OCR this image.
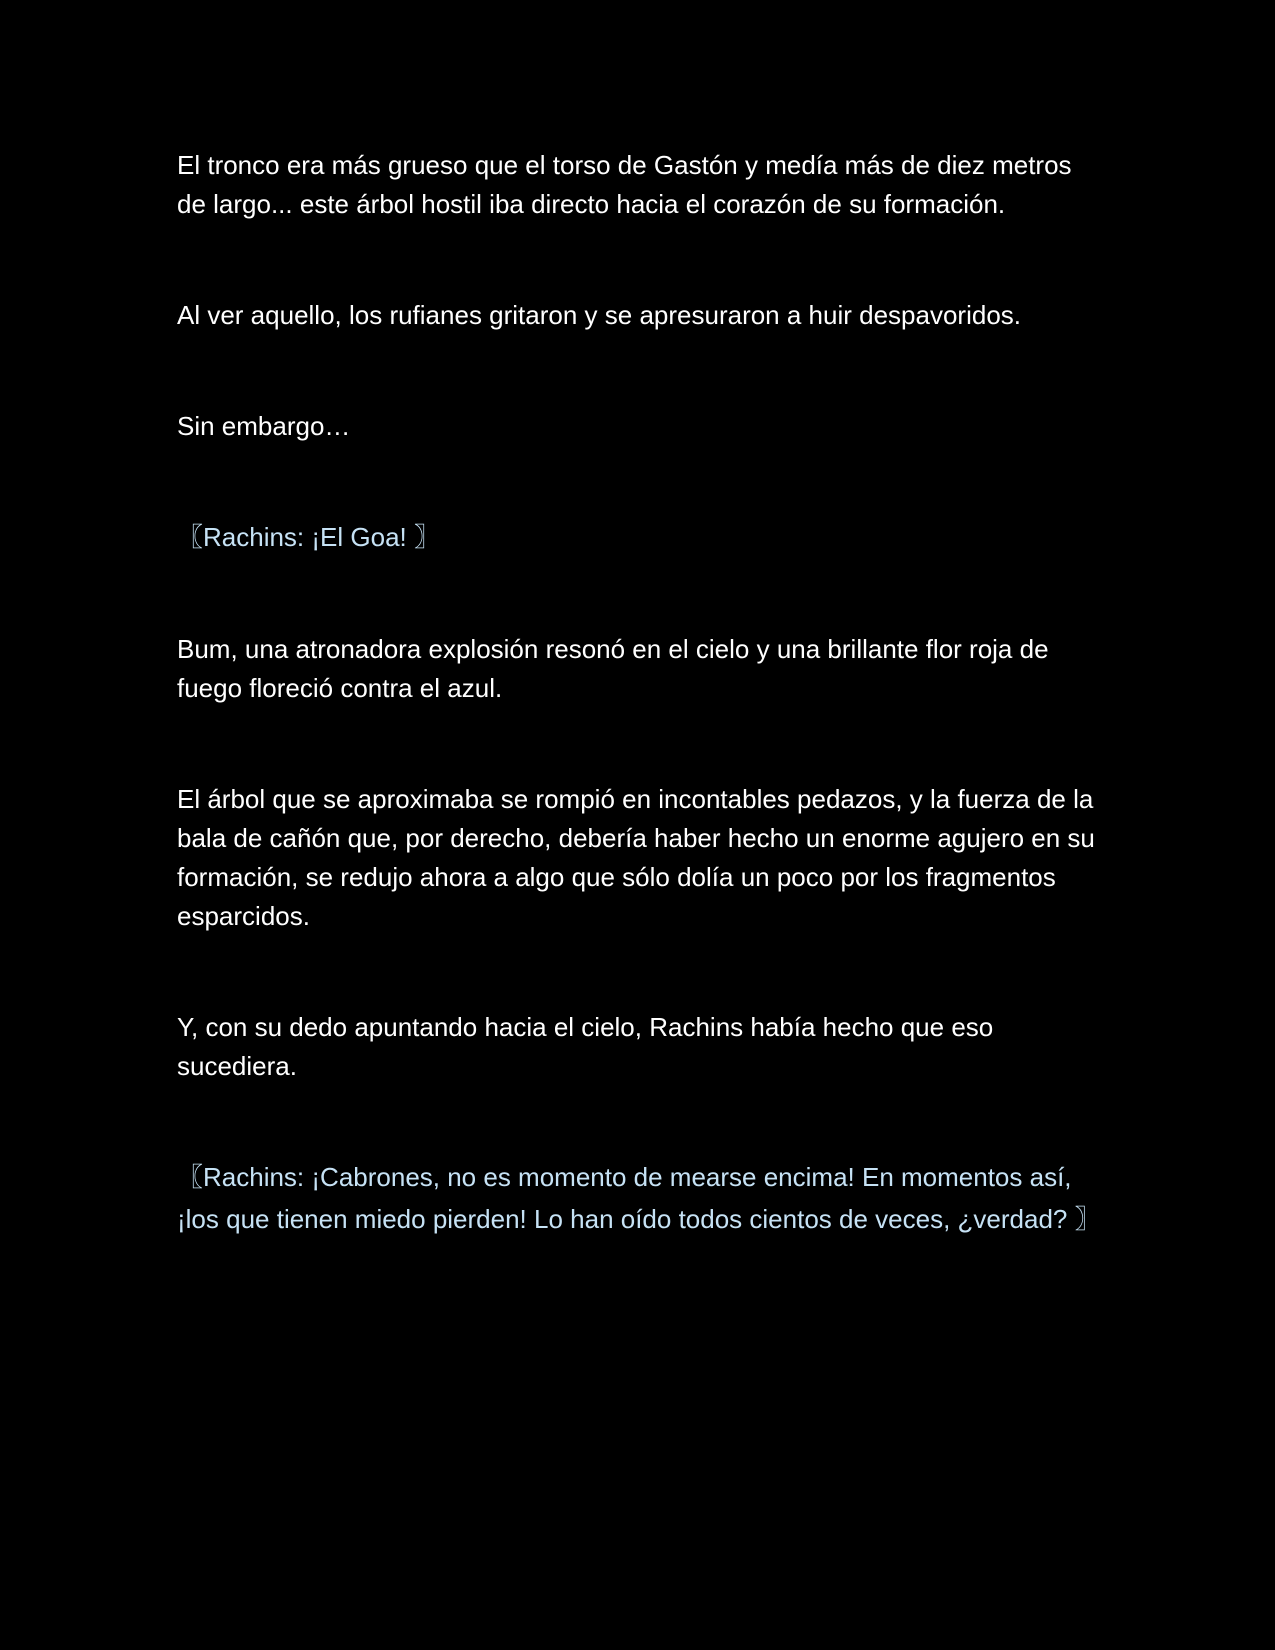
El tronco era más grueso que el torso de Gastón y medía más de diez metros de largo... este árbol hostil iba directo hacia el corazón de su formación.

Al ver aquello, los rufianes gritaron y se apresuraron a huir despavoridos.

Sin embargo…

〖Rachins: ¡El Goa! 〗

Bum, una atronadora explosión resonó en el cielo y una brillante flor roja de fuego floreció contra el azul.

El árbol que se aproximaba se rompió en incontables pedazos, y la fuerza de la bala de cañón que, por derecho, debería haber hecho un enorme agujero en su formación, se redujo ahora a algo que sólo dolía un poco por los fragmentos esparcidos.

Y, con su dedo apuntando hacia el cielo, Rachins había hecho que eso sucediera.

〖Rachins: ¡Cabrones, no es momento de mearse encima! En momentos así, ¡los que tienen miedo pierden! Lo han oído todos cientos de veces, ¿verdad? 〗
